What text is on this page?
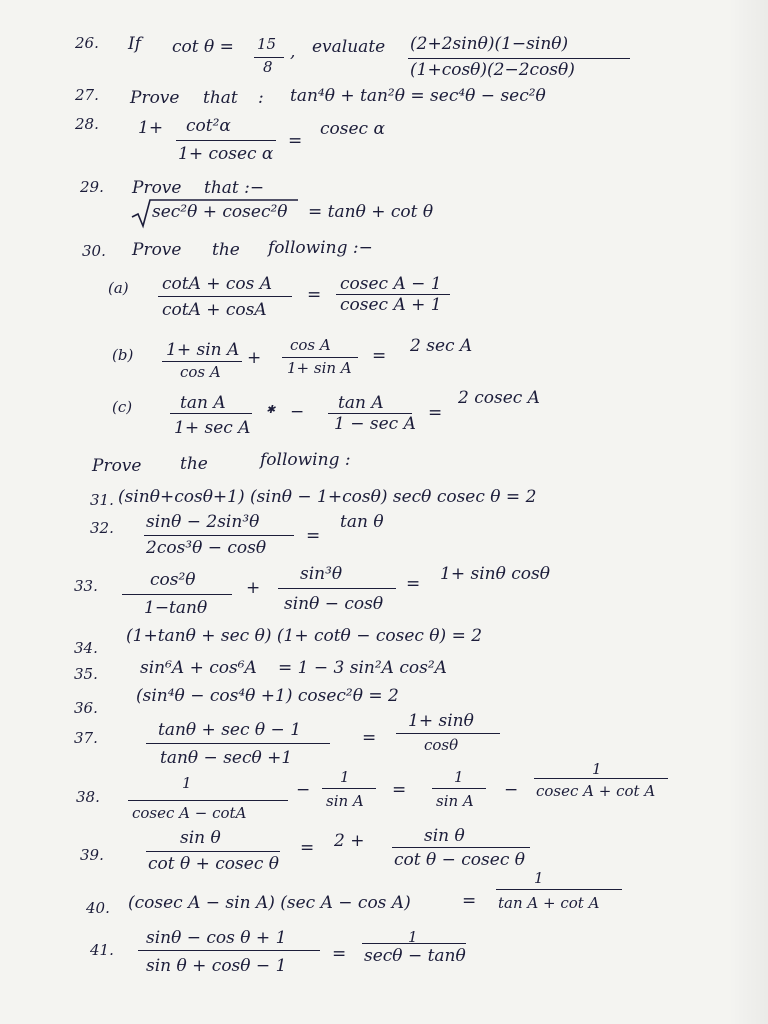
26. If cot θ = 15
8
, evaluate (2+2sinθ)(1−sinθ)
(1+cosθ)(2−2cosθ)
27. Prove that : tan⁴θ + tan²θ = sec⁴θ − sec²θ
28. 1+ cot²α
1+ cosec α
=
cosec α
29. Prove that :−
sec²θ + cosec²θ = tanθ + cot θ
30. Prove the following :−
(a) cotA + cos A
cotA + cosA
=
cosec A − 1
cosec A + 1
(b) 1+ sin A
cos A
+
cos A
1+ sin A
= 2 sec A
(c)	tan A
1+ sec A
✱ − tan A
1 − sec A
=
2 cosec A
Prove the	following :
31. (sinθ+cosθ+1) (sinθ − 1+cosθ) secθ cosec θ = 2
32. sinθ − 2sin³θ
2cos³θ − cosθ
=
tan θ
33.	cos²θ
1−tanθ
+
sin³θ
sinθ − cosθ
= 1+ sinθ cosθ
34.
(1+tanθ + sec θ) (1+ cotθ − cosec θ) = 2
35. sin⁶A + cos⁶A = 1 − 3 sin²A cos²A
36.
(sin⁴θ − cos⁴θ +1) cosec²θ = 2
37.	tanθ + sec θ − 1
tanθ − secθ +1
=
1+ sinθ
cosθ
38.
1
cosec A − cotA
−
1
sin A
=
1
sin A
−
1
cosec A + cot A
39.
sin θ
cot θ + cosec θ
= 2 +	sin θ
cot θ − cosec θ
40. (cosec A − sin A) (sec A − cos A)	=
1
tan A + cot A
41.
sinθ − cos θ + 1
sin θ + cosθ − 1
=
1
secθ − tanθ
